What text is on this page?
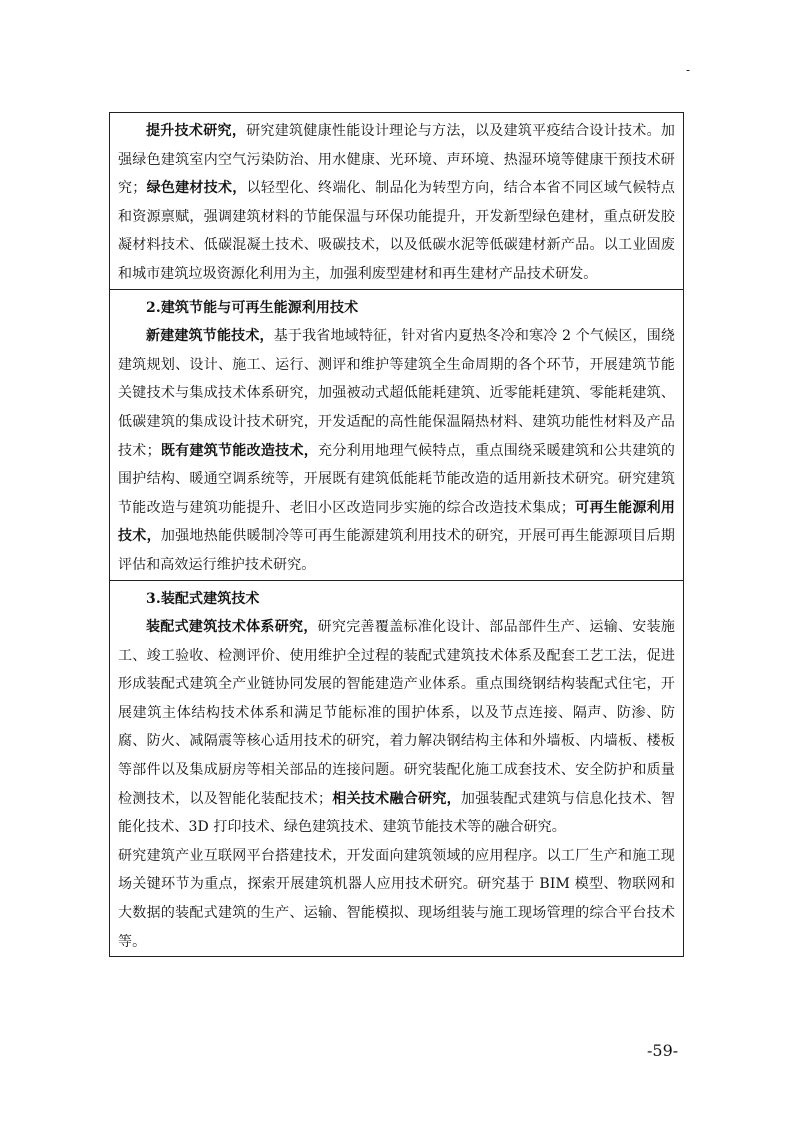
-
提升技术研究，研究建筑健康性能设计理论与方法，以及建筑平疫结合设计技术。加强绿色建筑室内空气污染防治、用水健康、光环境、声环境、热湿环境等健康干预技术研究；绿色建材技术，以轻型化、终端化、制品化为转型方向，结合本省不同区域气候特点和资源禀赋，强调建筑材料的节能保温与环保功能提升，开发新型绿色建材，重点研发胶凝材料技术、低碳混凝土技术、吸碳技术，以及低碳水泥等低碳建材新产品。以工业固废和城市建筑垃圾资源化利用为主，加强利废型建材和再生建材产品技术研发。
2.建筑节能与可再生能源利用技术
新建建筑节能技术，基于我省地域特征，针对省内夏热冬冷和寒冷 2 个气候区，围绕建筑规划、设计、施工、运行、测评和维护等建筑全生命周期的各个环节，开展建筑节能关键技术与集成技术体系研究，加强被动式超低能耗建筑、近零能耗建筑、零能耗建筑、低碳建筑的集成设计技术研究，开发适配的高性能保温隔热材料、建筑功能性材料及产品技术；既有建筑节能改造技术，充分利用地理气候特点，重点围绕采暖建筑和公共建筑的围护结构、暖通空调系统等，开展既有建筑低能耗节能改造的适用新技术研究。研究建筑节能改造与建筑功能提升、老旧小区改造同步实施的综合改造技术集成；可再生能源利用技术，加强地热能供暖制冷等可再生能源建筑利用技术的研究，开展可再生能源项目后期评估和高效运行维护技术研究。
3.装配式建筑技术
装配式建筑技术体系研究，研究完善覆盖标准化设计、部品部件生产、运输、安装施工、竣工验收、检测评价、使用维护全过程的装配式建筑技术体系及配套工艺工法，促进形成装配式建筑全产业链协同发展的智能建造产业体系。重点围绕钢结构装配式住宅，开展建筑主体结构技术体系和满足节能标准的围护体系，以及节点连接、隔声、防渗、防腐、防火、减隔震等核心适用技术的研究，着力解决钢结构主体和外墙板、内墙板、楼板等部件以及集成厨房等相关部品的连接问题。研究装配化施工成套技术、安全防护和质量检测技术，以及智能化装配技术；相关技术融合研究，加强装配式建筑与信息化技术、智能化技术、3D 打印技术、绿色建筑技术、建筑节能技术等的融合研究。
研究建筑产业互联网平台搭建技术，开发面向建筑领域的应用程序。以工厂生产和施工现场关键环节为重点，探索开展建筑机器人应用技术研究。研究基于 BIM 模型、物联网和大数据的装配式建筑的生产、运输、智能模拟、现场组装与施工现场管理的综合平台技术等。
-59-
